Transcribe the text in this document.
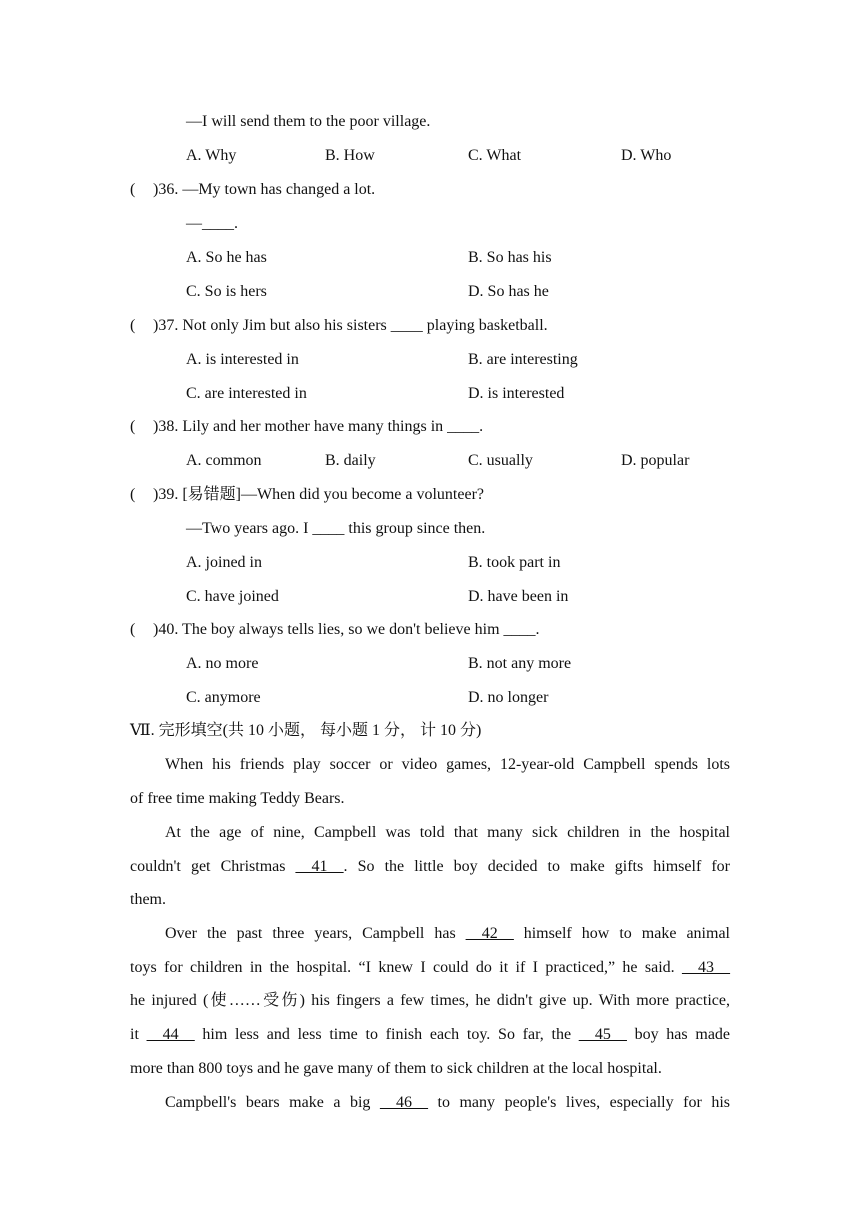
—I will send them to the poor village.
A. Why	B. How	C. What	D. Who
( )36. —My town has changed a lot.
—____.
A. So he has	B. So has his
C. So is hers	D. So has he
( )37. Not only Jim but also his sisters ____ playing basketball.
A. is interested in	B. are interesting
C. are interested in	D. is interested
( )38. Lily and her mother have many things in ____.
A. common	B. daily	C. usually	D. popular
( )39. [易错题]—When did you become a volunteer?
—Two years ago. I ____ this group since then.
A. joined in	B. took part in
C. have joined	D. have been in
( )40. The boy always tells lies, so we don't believe him ____.
A. no more	B. not any more
C. anymore	D. no longer
Ⅶ. 完形填空(共 10 小题， 每小题 1 分， 计 10 分)
When his friends play soccer or video games, 12-year-old Campbell spends lots
of free time making Teddy Bears.
At the age of nine, Campbell was told that many sick children in the hospital
couldn't get Christmas __41__. So the little boy decided to make gifts himself for
them.
Over the past three years, Campbell has __42__ himself how to make animal
toys for children in the hospital. “I knew I could do it if I practiced,” he said. __43__
he injured (使……受伤) his fingers a few times, he didn't give up. With more practice,
it __44__ him less and less time to finish each toy. So far, the __45__ boy has made
more than 800 toys and he gave many of them to sick children at the local hospital.
Campbell's bears make a big __46__ to many people's lives, especially for his
